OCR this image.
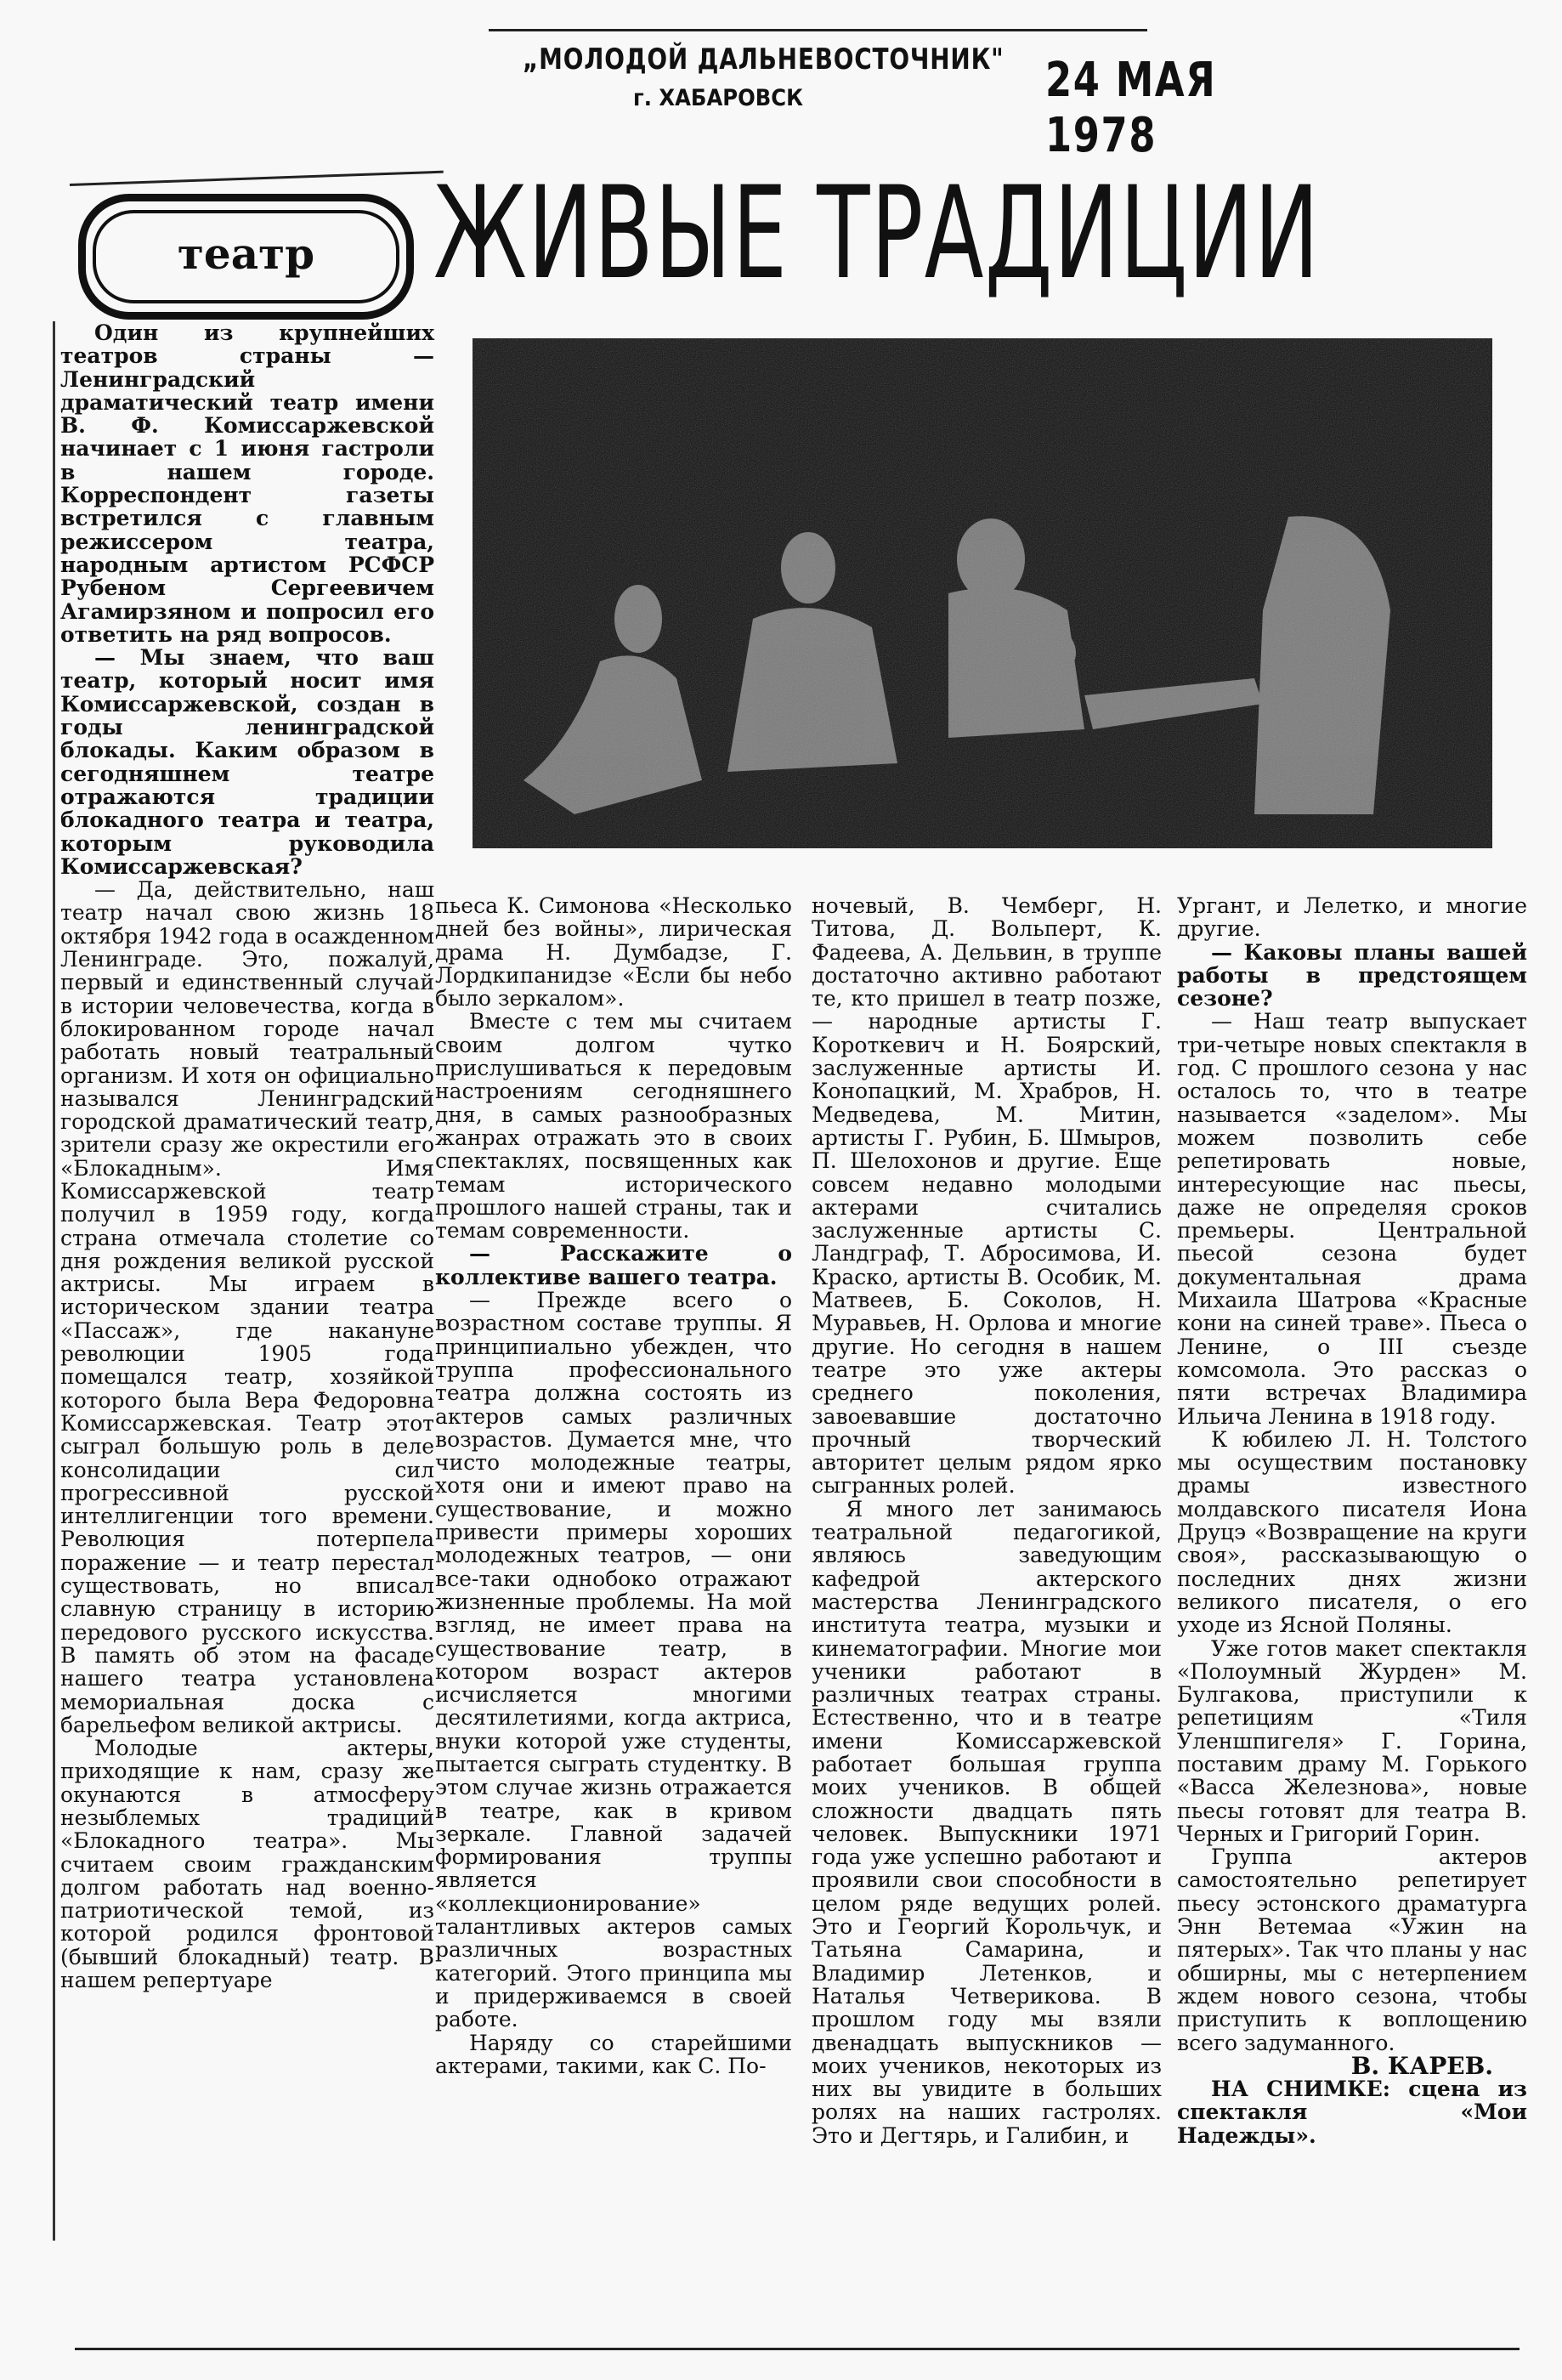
„МОЛОДОЙ ДАЛЬНЕВОСТОЧНИК"
г. ХАБАРОВСК	24 МАЯ 1978
театр ЖИВЫЕ ТРАДИЦИИ

Один из крупнейших театров страны — Ленинградский драматический театр имени В. Ф. Комиссаржевской начинает с 1 июня гастроли в нашем городе. Корреспондент газеты встретился с главным режиссером театра, народным артистом РСФСР Рубеном Сергеевичем Агамирзяном и попросил его ответить на ряд вопросов.

— Мы знаем, что ваш театр, который носит имя Комиссаржевской, создан в годы ленинградской блокады. Каким образом в сегодняшнем театре отражаются традиции блокадного театра и театра, которым руководила Комиссаржевская?

— Да, действительно, наш театр начал свою жизнь 18 октября 1942 года в осажденном Ленинграде. Это, пожалуй, первый и единственный случай в истории человечества, когда в блокированном городе начал работать новый театральный организм. И хотя он официально назывался Ленинградский городской драматический театр, зрители сразу же окрестили его «Блокадным». Имя Комиссаржевской театр получил в 1959 году, когда страна отмечала столетие со дня рождения великой русской актрисы. Мы играем в историческом здании театра «Пассаж», где накануне революции 1905 года помещался театр, хозяйкой которого была Вера Федоровна Комиссаржевская. Театр этот сыграл большую роль в деле консолидации сил прогрессивной русской интеллигенции того времени. Революция потерпела поражение — и театр перестал существовать, но вписал славную страницу в историю передового русского искусства. В память об этом на фасаде нашего театра установлена мемориальная доска с барельефом великой актрисы.

Молодые актеры, приходящие к нам, сразу же окунаются в атмосферу незыблемых традиций «Блокадного театра». Мы считаем своим гражданским долгом работать над военно-патриотической темой, из которой родился фронтовой (бывший блокадный) театр. В нашем репертуаре

пьеса К. Симонова «Несколько дней без войны», лирическая драма Н. Думбадзе, Г. Лордкипанидзе «Если бы небо было зеркалом».

Вместе с тем мы считаем своим долгом чутко прислушиваться к передовым настроениям сегодняшнего дня, в самых разнообразных жанрах отражать это в своих спектаклях, посвященных как темам исторического прошлого нашей страны, так и темам современности.

— Расскажите о коллективе вашего театра.

— Прежде всего о возрастном составе труппы. Я принципиально убежден, что труппа профессионального театра должна состоять из актеров самых различных возрастов. Думается мне, что чисто молодежные театры, хотя они и имеют право на существование, и можно привести примеры хороших молодежных театров, — они все-таки однобоко отражают жизненные проблемы. На мой взгляд, не имеет права на существование театр, в котором возраст актеров исчисляется многими десятилетиями, когда актриса, внуки которой уже студенты, пытается сыграть студентку. В этом случае жизнь отражается в театре, как в кривом зеркале. Главной задачей формирования труппы является «коллекционирование» талантливых актеров самых различных возрастных категорий. Этого принципа мы и придерживаемся в своей работе.

Наряду со старейшими актерами, такими, как С. По-

ночевый, В. Чемберг, Н. Титова, Д. Вольперт, К. Фадеева, А. Дельвин, в труппе достаточно активно работают те, кто пришел в театр позже, — народные артисты Г. Короткевич и Н. Боярский, заслуженные артисты И. Конопацкий, М. Храбров, Н. Медведева, М. Митин, артисты Г. Рубин, Б. Шмыров, П. Шелохонов и другие. Еще совсем недавно молодыми актерами считались заслуженные артисты С. Ландграф, Т. Абросимова, И. Краско, артисты В. Особик, М. Матвеев, Б. Соколов, Н. Муравьев, Н. Орлова и многие другие. Но сегодня в нашем театре это уже актеры среднего поколения, завоевавшие достаточно прочный творческий авторитет целым рядом ярко сыгранных ролей.

Я много лет занимаюсь театральной педагогикой, являюсь заведующим кафедрой актерского мастерства Ленинградского института театра, музыки и кинематографии. Многие мои ученики работают в различных театрах страны. Естественно, что и в театре имени Комиссаржевской работает большая группа моих учеников. В общей сложности двадцать пять человек. Выпускники 1971 года уже успешно работают и проявили свои способности в целом ряде ведущих ролей. Это и Георгий Корольчук, и Татьяна Самарина, и Владимир Летенков, и Наталья Четверикова. В прошлом году мы взяли двенадцать выпускников — моих учеников, некоторых из них вы увидите в больших ролях на наших гастролях. Это и Дегтярь, и Галибин, и

Ургант, и Лелетко, и многие другие.

— Каковы планы вашей работы в предстоящем сезоне?

— Наш театр выпускает три-четыре новых спектакля в год. С прошлого сезона у нас осталось то, что в театре называется «заделом». Мы можем позволить себе репетировать новые, интересующие нас пьесы, даже не определяя сроков премьеры. Центральной пьесой сезона будет документальная драма Михаила Шатрова «Красные кони на синей траве». Пьеса о Ленине, о III съезде комсомола. Это рассказ о пяти встречах Владимира Ильича Ленина в 1918 году.

К юбилею Л. Н. Толстого мы осуществим постановку драмы известного молдавского писателя Иона Друцэ «Возвращение на круги своя», рассказывающую о последних днях жизни великого писателя, о его уходе из Ясной Поляны.

Уже готов макет спектакля «Полоумный Журден» М. Булгакова, приступили к репетициям «Тиля Уленшпигеля» Г. Горина, поставим драму М. Горького «Васса Железнова», новые пьесы готовят для театра В. Черных и Григорий Горин.

Группа актеров самостоятельно репетирует пьесу эстонского драматурга Энн Ветемаа «Ужин на пятерых». Так что планы у нас обширны, мы с нетерпением ждем нового сезона, чтобы приступить к воплощению всего задуманного.

В. КАРЕВ.

НА СНИМКЕ: сцена из спектакля «Мои Надежды».
